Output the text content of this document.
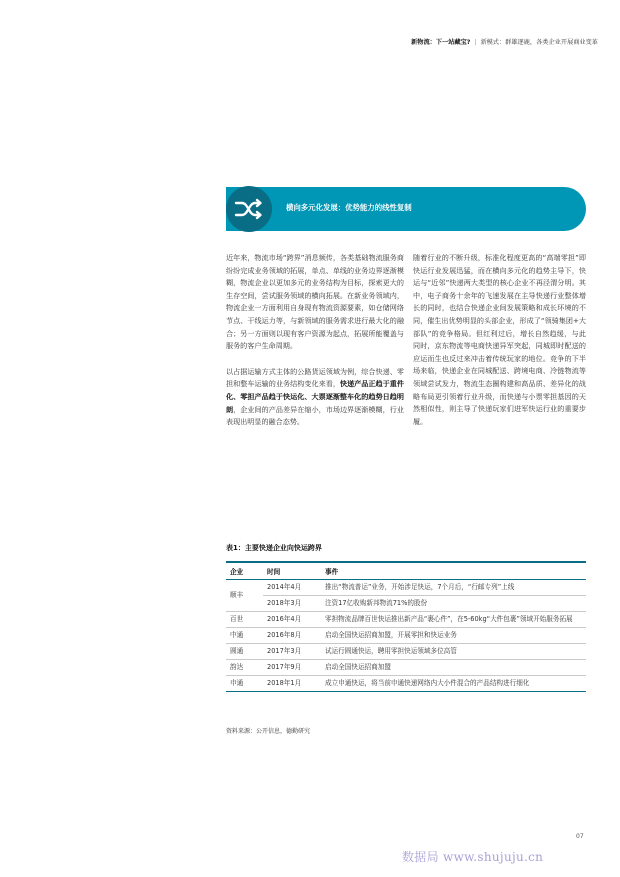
新物流：下一站藏宝? | 新模式：群雄逐鹿，各类企业开展商业变革
横向多元化发展：优势能力的线性复制

近年来，物流市场“跨界”消息频传，各类基础物流服务商纷纷完成业务领域的拓展，单点、单线的业务边界逐渐模糊，物流企业以更加多元的业务结构为目标，探索更大的生存空间，尝试服务领域的横向拓展。在新业务领域内，物流企业一方面利用自身现有物流资源要素，如仓储网络节点、干线运力等，与新领域的服务需求进行最大化的融合；另一方面则以现有客户资源为起点，拓展所能覆盖与服务的客户生命周期。

以占据运输方式主体的公路货运领域为例，综合快递、零担和整车运输的业务结构变化来看，快递产品正趋于重件化、零担产品趋于快运化、大票逐渐整车化的趋势日趋明朗，企业间的产品差异在缩小，市场边界逐渐模糊，行业表现出明显的融合态势。

随着行业的不断升级，标准化程度更高的“高端零担”即快运行业发展迅猛，而在横向多元化的趋势主导下，快运与“近邻”快递两大类型的核心企业不再泾渭分明。其中，电子商务十余年的飞速发展在主导快递行业整体增长的同时，也结合快递企业间发展策略和成长环境的不同，催生出优势明显的头部企业，形成了“领骑集团+大部队”的竞争格局。但红利过后，增长自然趋缓，与此同时，京东物流等电商快递异军突起，同城即时配送的应运而生也反过来冲击着传统玩家的地位。竞争的下半场来临，快递企业在同城配送、跨境电商、冷链物流等领域尝试发力，物流生态圈构建和高品质、差异化的战略布局更引领着行业升级，而快递与小票零担基因的天然相似性，则主导了快递玩家们进军快运行业的重要步履。

表1：主要快递企业向快运跨界
企业	时间	事件
顺丰	2014年4月	推出“物流普运”业务，开始涉足快运，7个月后，“行邮专列”上线
	2018年3月	注资17亿收购新邦物流71%的股份
百世	2016年4月	零担物流品牌百世快运推出新产品“裹心件”，在5-60kg“大件包裹”领域开始服务拓展
中通	2016年8月	启动全国快运招商加盟，开展零担和快运业务
圆通	2017年3月	试运行圆通快运，聘用零担快运领域多位高管
韵达	2017年9月	启动全国快运招商加盟
申通	2018年1月	成立申通快运，将当前申通快递网络内大小件混合的产品结构进行细化
资料来源：公开信息，德勤研究
07
数据局 www.shujuju.cn
